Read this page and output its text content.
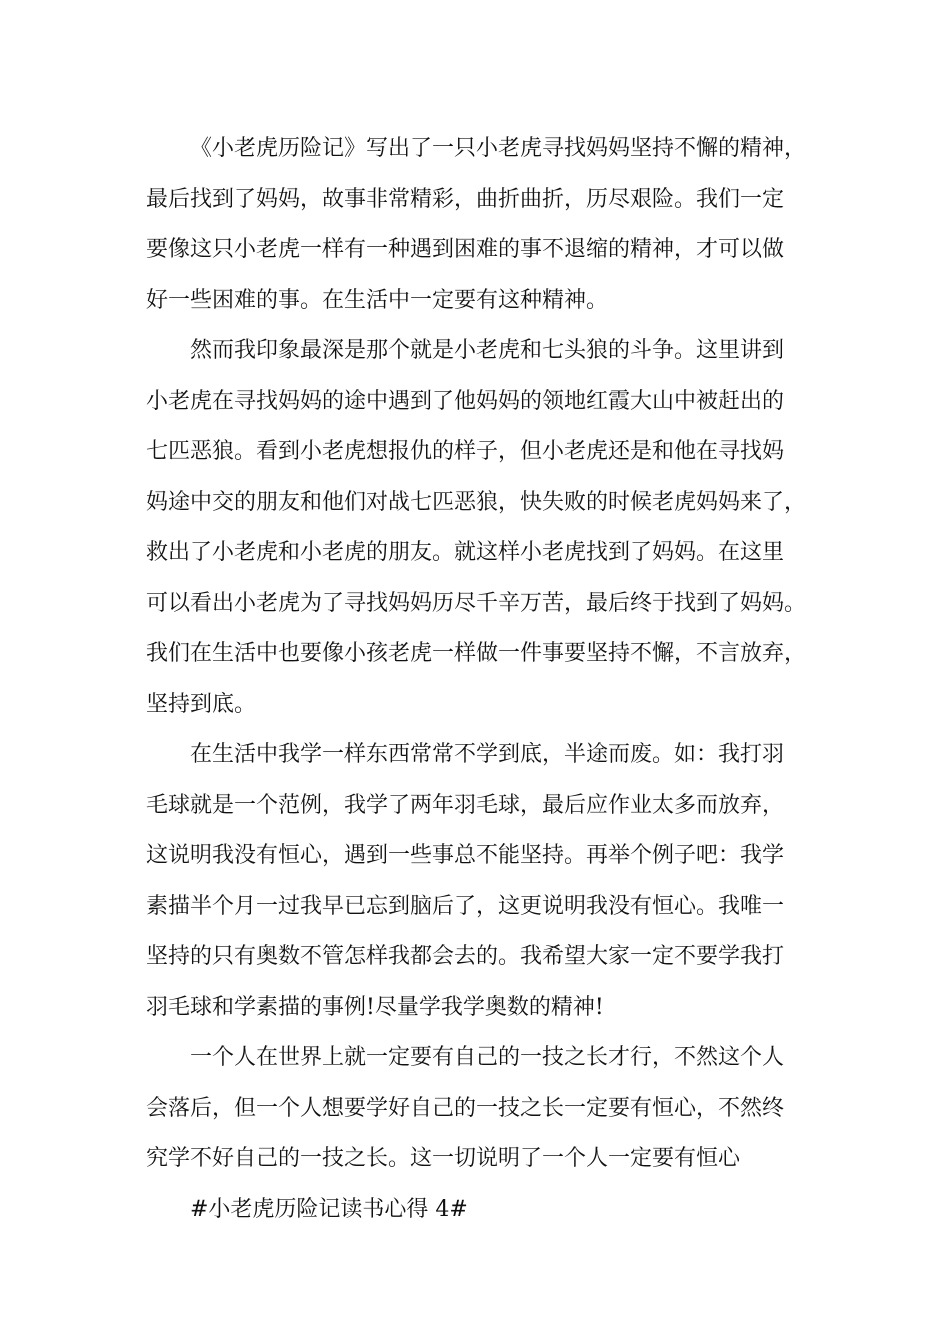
《小老虎历险记》写出了一只小老虎寻找妈妈坚持不懈的精神，
最后找到了妈妈，故事非常精彩，曲折曲折，历尽艰险。我们一定
要像这只小老虎一样有一种遇到困难的事不退缩的精神，才可以做
好一些困难的事。在生活中一定要有这种精神。
然而我印象最深是那个就是小老虎和七头狼的斗争。这里讲到
小老虎在寻找妈妈的途中遇到了他妈妈的领地红霞大山中被赶出的
七匹恶狼。看到小老虎想报仇的样子，但小老虎还是和他在寻找妈
妈途中交的朋友和他们对战七匹恶狼，快失败的时候老虎妈妈来了，
救出了小老虎和小老虎的朋友。就这样小老虎找到了妈妈。在这里
可以看出小老虎为了寻找妈妈历尽千辛万苦，最后终于找到了妈妈。
我们在生活中也要像小孩老虎一样做一件事要坚持不懈，不言放弃，
坚持到底。
在生活中我学一样东西常常不学到底，半途而废。如：我打羽
毛球就是一个范例，我学了两年羽毛球，最后应作业太多而放弃，
这说明我没有恒心，遇到一些事总不能坚持。再举个例子吧：我学
素描半个月一过我早已忘到脑后了，这更说明我没有恒心。我唯一
坚持的只有奥数不管怎样我都会去的。我希望大家一定不要学我打
羽毛球和学素描的事例!尽量学我学奥数的精神!
一个人在世界上就一定要有自己的一技之长才行，不然这个人
会落后，但一个人想要学好自己的一技之长一定要有恒心，不然终
究学不好自己的一技之长。这一切说明了一个人一定要有恒心
#小老虎历险记读书心得 4#
